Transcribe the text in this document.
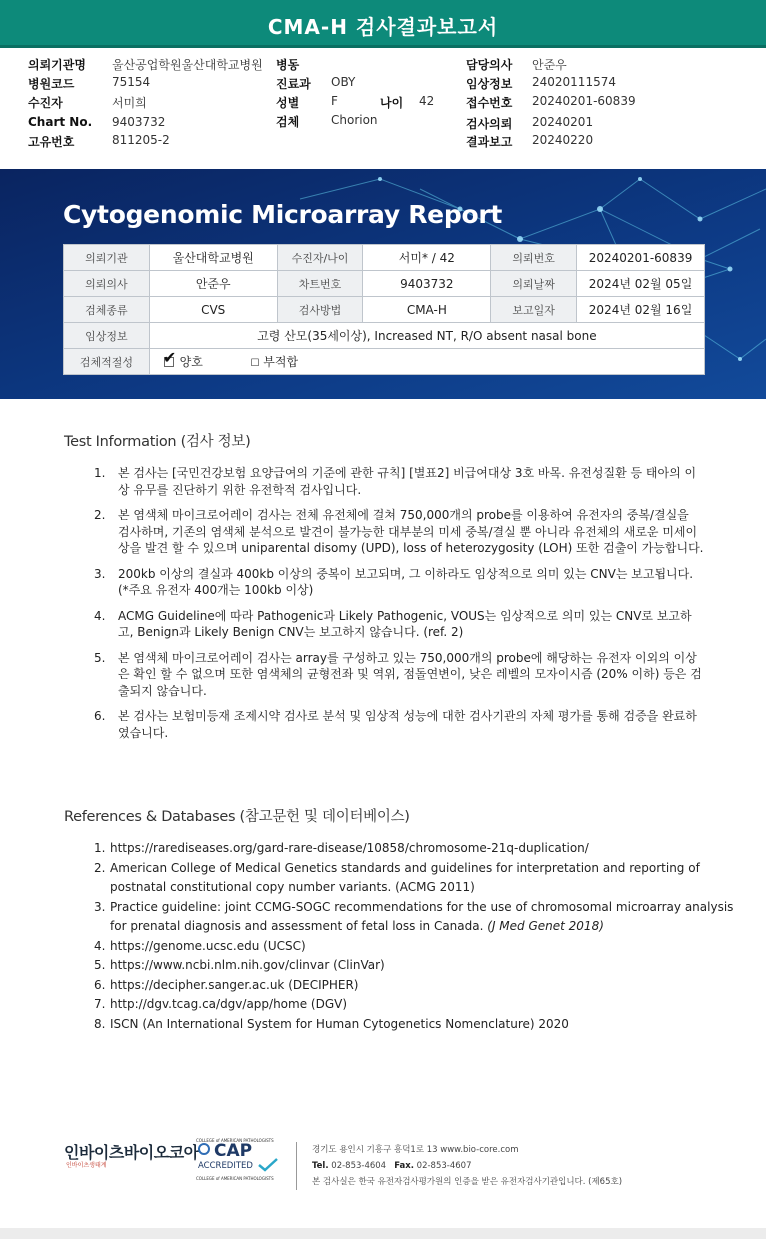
CMA-H 검사결과보고서
의뢰기관명 울산공업학원울산대학교병원
병원코드	75154
수진자	서미희
Chart No. 9403732
고유번호	811205-2
병동
진료과 OBY
성별	F	나이 42
검체	Chorion
담당의사 안준우
임상정보 24020111574
접수번호 20240201-60839
검사의뢰 20240201
결과보고 20240220
Cytogenomic Microarray Report
의뢰기관	울산대학교병원	수진자/나이	서미* / 42	의뢰번호	20240201-60839
의뢰의사	안준우	차트번호	9403732	의뢰날짜	2024년 02월 05일
검체종류	CVS	검사방법	CMA-H	보고일자	2024년 02월 16일
임상정보	고령 산모(35세이상), Increased NT, R/O absent nasal bone				
검체적절성	✔ 양호 ☐ 부적합				
Test Information (검사 정보)
1. 본 검사는 [국민건강보험 요양급여의 기준에 관한 규칙] [별표2] 비급여대상 3호 바목. 유전성질환 등 태아의 이상 유무를 진단하기 위한 유전학적 검사입니다.
2. 본 염색체 마이크로어레이 검사는 전체 유전체에 걸쳐 750,000개의 probe를 이용하여 유전자의 중복/결실을 검사하며, 기존의 염색체 분석으로 발견이 불가능한 대부분의 미세 중복/결실 뿐 아니라 유전체의 새로운 미세이상을 발견 할 수 있으며 uniparental disomy (UPD), loss of heterozygosity (LOH) 또한 검출이 가능합니다.
3. 200kb 이상의 결실과 400kb 이상의 중복이 보고되며, 그 이하라도 임상적으로 의미 있는 CNV는 보고됩니다. (*주요 유전자 400개는 100kb 이상)
4. ACMG Guideline에 따라 Pathogenic과 Likely Pathogenic, VOUS는 임상적으로 의미 있는 CNV로 보고하고, Benign과 Likely Benign CNV는 보고하지 않습니다. (ref. 2)
5. 본 염색체 마이크로어레이 검사는 array를 구성하고 있는 750,000개의 probe에 해당하는 유전자 이외의 이상은 확인 할 수 없으며 또한 염색체의 균형전좌 및 역위, 점돌연변이, 낮은 레벨의 모자이시즘 (20% 이하) 등은 검출되지 않습니다.
6. 본 검사는 보험미등재 조제시약 검사로 분석 및 임상적 성능에 대한 검사기관의 자체 평가를 통해 검증을 완료하였습니다.
References & Databases (참고문헌 및 데이터베이스)
1. https://rarediseases.org/gard-rare-disease/10858/chromosome-21q-duplication/
2. American College of Medical Genetics standards and guidelines for interpretation and reporting of postnatal constitutional copy number variants. (ACMG 2011)
3. Practice guideline: joint CCMG-SOGC recommendations for the use of chromosomal microarray analysis for prenatal diagnosis and assessment of fetal loss in Canada. (J Med Genet 2018)
4. https://genome.ucsc.edu (UCSC)
5. https://www.ncbi.nlm.nih.gov/clinvar (ClinVar)
6. https://decipher.sanger.ac.uk (DECIPHER)
7. http://dgv.tcag.ca/dgv/app/home (DGV)
8. ISCN (An International System for Human Cytogenetics Nomenclature) 2020
인바이츠바이오코아
인바이츠생태계
COLLEGE of AMERICAN PATHOLOGISTS
CAP
ACCREDITED
COLLEGE of AMERICAN PATHOLOGISTS
경기도 용인시 기흥구 흥덕1로 13 www.bio-core.com
Tel. 02-853-4604 Fax. 02-853-4607
본 검사실은 한국 유전자검사평가원의 인증을 받은 유전자검사기관입니다. (제65호)
